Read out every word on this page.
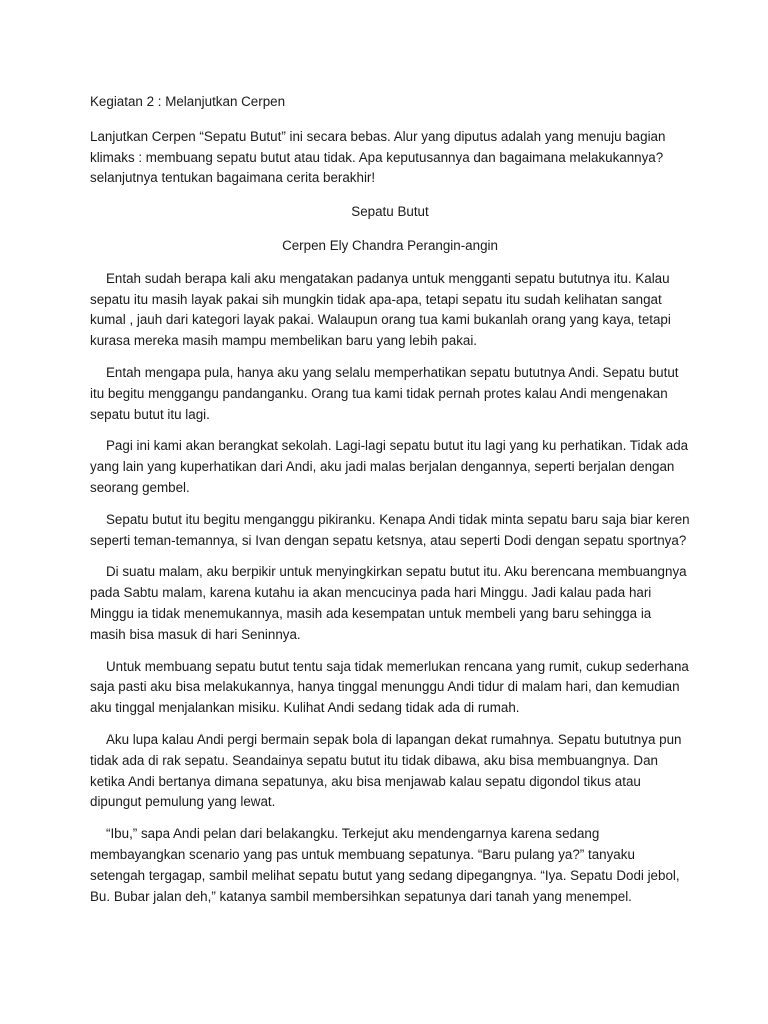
Kegiatan 2 : Melanjutkan Cerpen

Lanjutkan Cerpen “Sepatu Butut” ini secara bebas. Alur yang diputus adalah yang menuju bagian klimaks : membuang sepatu butut atau tidak. Apa keputusannya dan bagaimana melakukannya? selanjutnya tentukan bagaimana cerita berakhir!

Sepatu Butut

Cerpen Ely Chandra Perangin-angin

Entah sudah berapa kali aku mengatakan padanya untuk mengganti sepatu bututnya itu. Kalau sepatu itu masih layak pakai sih mungkin tidak apa-apa, tetapi sepatu itu sudah kelihatan sangat kumal , jauh dari kategori layak pakai. Walaupun orang tua kami bukanlah orang yang kaya, tetapi kurasa mereka masih mampu membelikan baru yang lebih pakai.

Entah mengapa pula, hanya aku yang selalu memperhatikan sepatu bututnya Andi. Sepatu butut itu begitu menggangu pandanganku. Orang tua kami tidak pernah protes kalau Andi mengenakan sepatu butut itu lagi.

Pagi ini kami akan berangkat sekolah. Lagi-lagi sepatu butut itu lagi yang ku perhatikan. Tidak ada yang lain yang kuperhatikan dari Andi, aku jadi malas berjalan dengannya, seperti berjalan dengan seorang gembel.

Sepatu butut itu begitu menganggu pikiranku. Kenapa Andi tidak minta sepatu baru saja biar keren seperti teman-temannya, si Ivan dengan sepatu ketsnya, atau seperti Dodi dengan sepatu sportnya?

Di suatu malam, aku berpikir untuk menyingkirkan sepatu butut itu. Aku berencana membuangnya pada Sabtu malam, karena kutahu ia akan mencucinya pada hari Minggu. Jadi kalau pada hari Minggu ia tidak menemukannya, masih ada kesempatan untuk membeli yang baru sehingga ia masih bisa masuk di hari Seninnya.

Untuk membuang sepatu butut tentu saja tidak memerlukan rencana yang rumit, cukup sederhana saja pasti aku bisa melakukannya, hanya tinggal menunggu Andi tidur di malam hari, dan kemudian aku tinggal menjalankan misiku. Kulihat Andi sedang tidak ada di rumah.

Aku lupa kalau Andi pergi bermain sepak bola di lapangan dekat rumahnya. Sepatu bututnya pun tidak ada di rak sepatu. Seandainya sepatu butut itu tidak dibawa, aku bisa membuangnya. Dan ketika Andi bertanya dimana sepatunya, aku bisa menjawab kalau sepatu digondol tikus atau dipungut pemulung yang lewat.

“Ibu,” sapa Andi pelan dari belakangku. Terkejut aku mendengarnya karena sedang membayangkan scenario yang pas untuk membuang sepatunya. “Baru pulang ya?” tanyaku setengah tergagap, sambil melihat sepatu butut yang sedang dipegangnya. “Iya. Sepatu Dodi jebol, Bu. Bubar jalan deh,” katanya sambil membersihkan sepatunya dari tanah yang menempel.
